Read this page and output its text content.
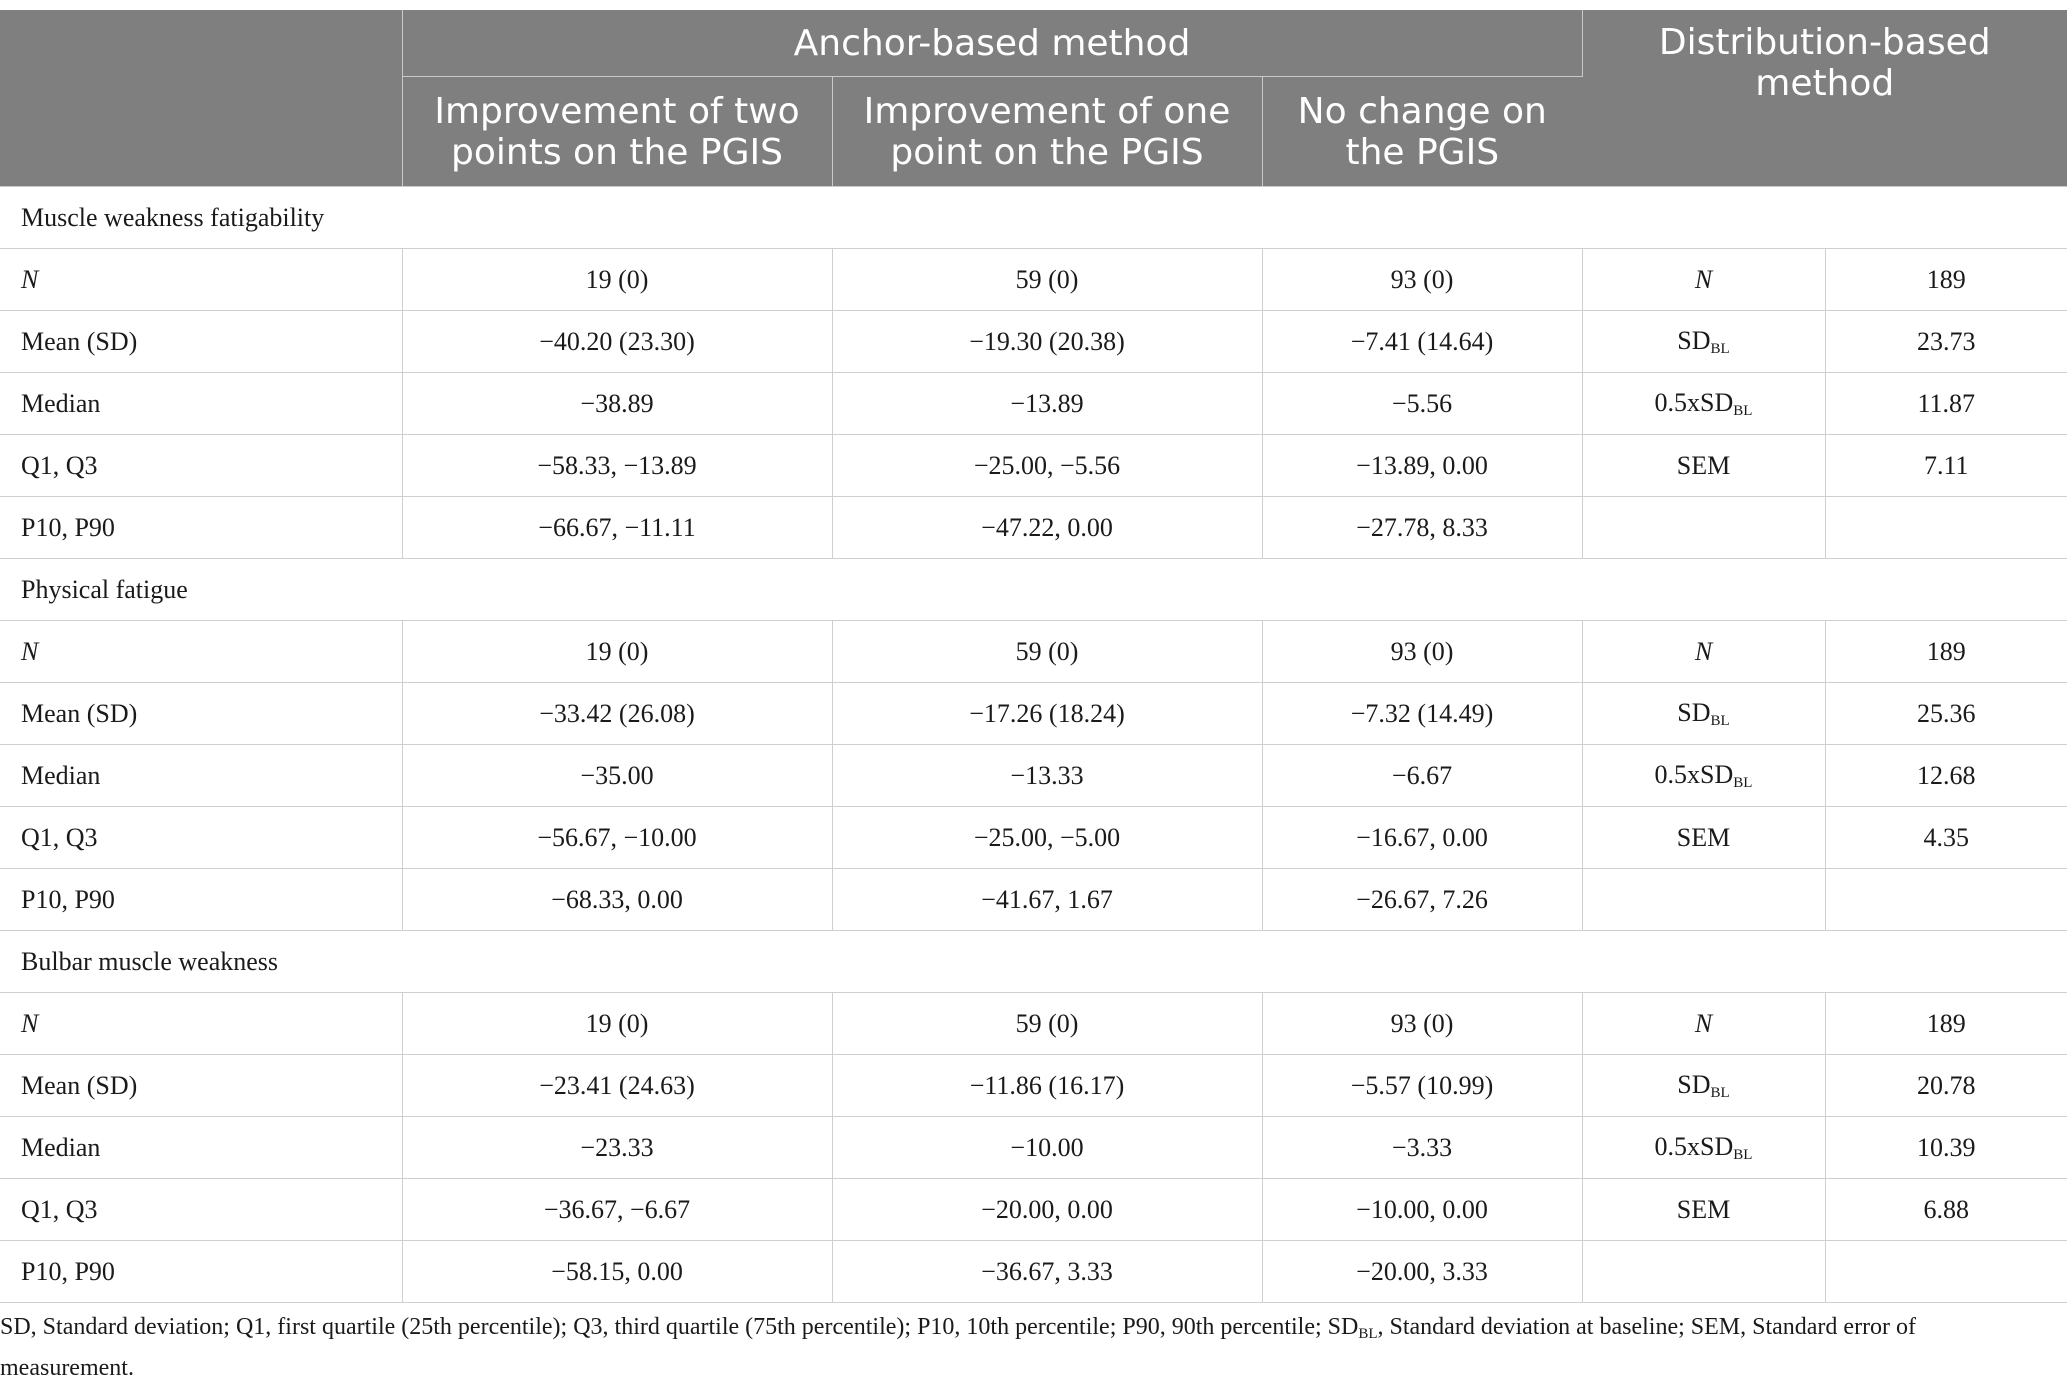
	Anchor-based method			Distribution-based method	
	Improvement of two points on the PGIS	Improvement of one point on the PGIS	No change on the PGIS		
Muscle weakness fatigability					
N	19 (0)	59 (0)	93 (0)	N	189
Mean (SD)	−40.20 (23.30)	−19.30 (20.38)	−7.41 (14.64)	$SD_{BL}$	23.73
Median	−38.89	−13.89	−5.56	0.5xSD$_{BL}$	11.87
Q1, Q3	−58.33, −13.89	−25.00, −5.56	−13.89, 0.00	SEM	7.11
P10, P90	−66.67, −11.11	−47.22, 0.00	−27.78, 8.33		
Physical fatigue					
N	19 (0)	59 (0)	93 (0)	N	189
Mean (SD)	−33.42 (26.08)	−17.26 (18.24)	−7.32 (14.49)	$SD_{BL}$	25.36
Median	−35.00	−13.33	−6.67	0.5xSD$_{BL}$	12.68
Q1, Q3	−56.67, −10.00	−25.00, −5.00	−16.67, 0.00	SEM	4.35
P10, P90	−68.33, 0.00	−41.67, 1.67	−26.67, 7.26		
Bulbar muscle weakness					
N	19 (0)	59 (0)	93 (0)	N	189
Mean (SD)	−23.41 (24.63)	−11.86 (16.17)	−5.57 (10.99)	$SD_{BL}$	20.78
Median	−23.33	−10.00	−3.33	0.5xSD$_{BL}$	10.39
Q1, Q3	−36.67, −6.67	−20.00, 0.00	−10.00, 0.00	SEM	6.88
P10, P90	−58.15, 0.00	−36.67, 3.33	−20.00, 3.33		
SD, Standard deviation; Q1, first quartile (25th percentile); Q3, third quartile (75th percentile); P10, 10th percentile; P90, 90th percentile; $SD_{BL}$, Standard deviation at baseline; SEM, Standard error of measurement.
